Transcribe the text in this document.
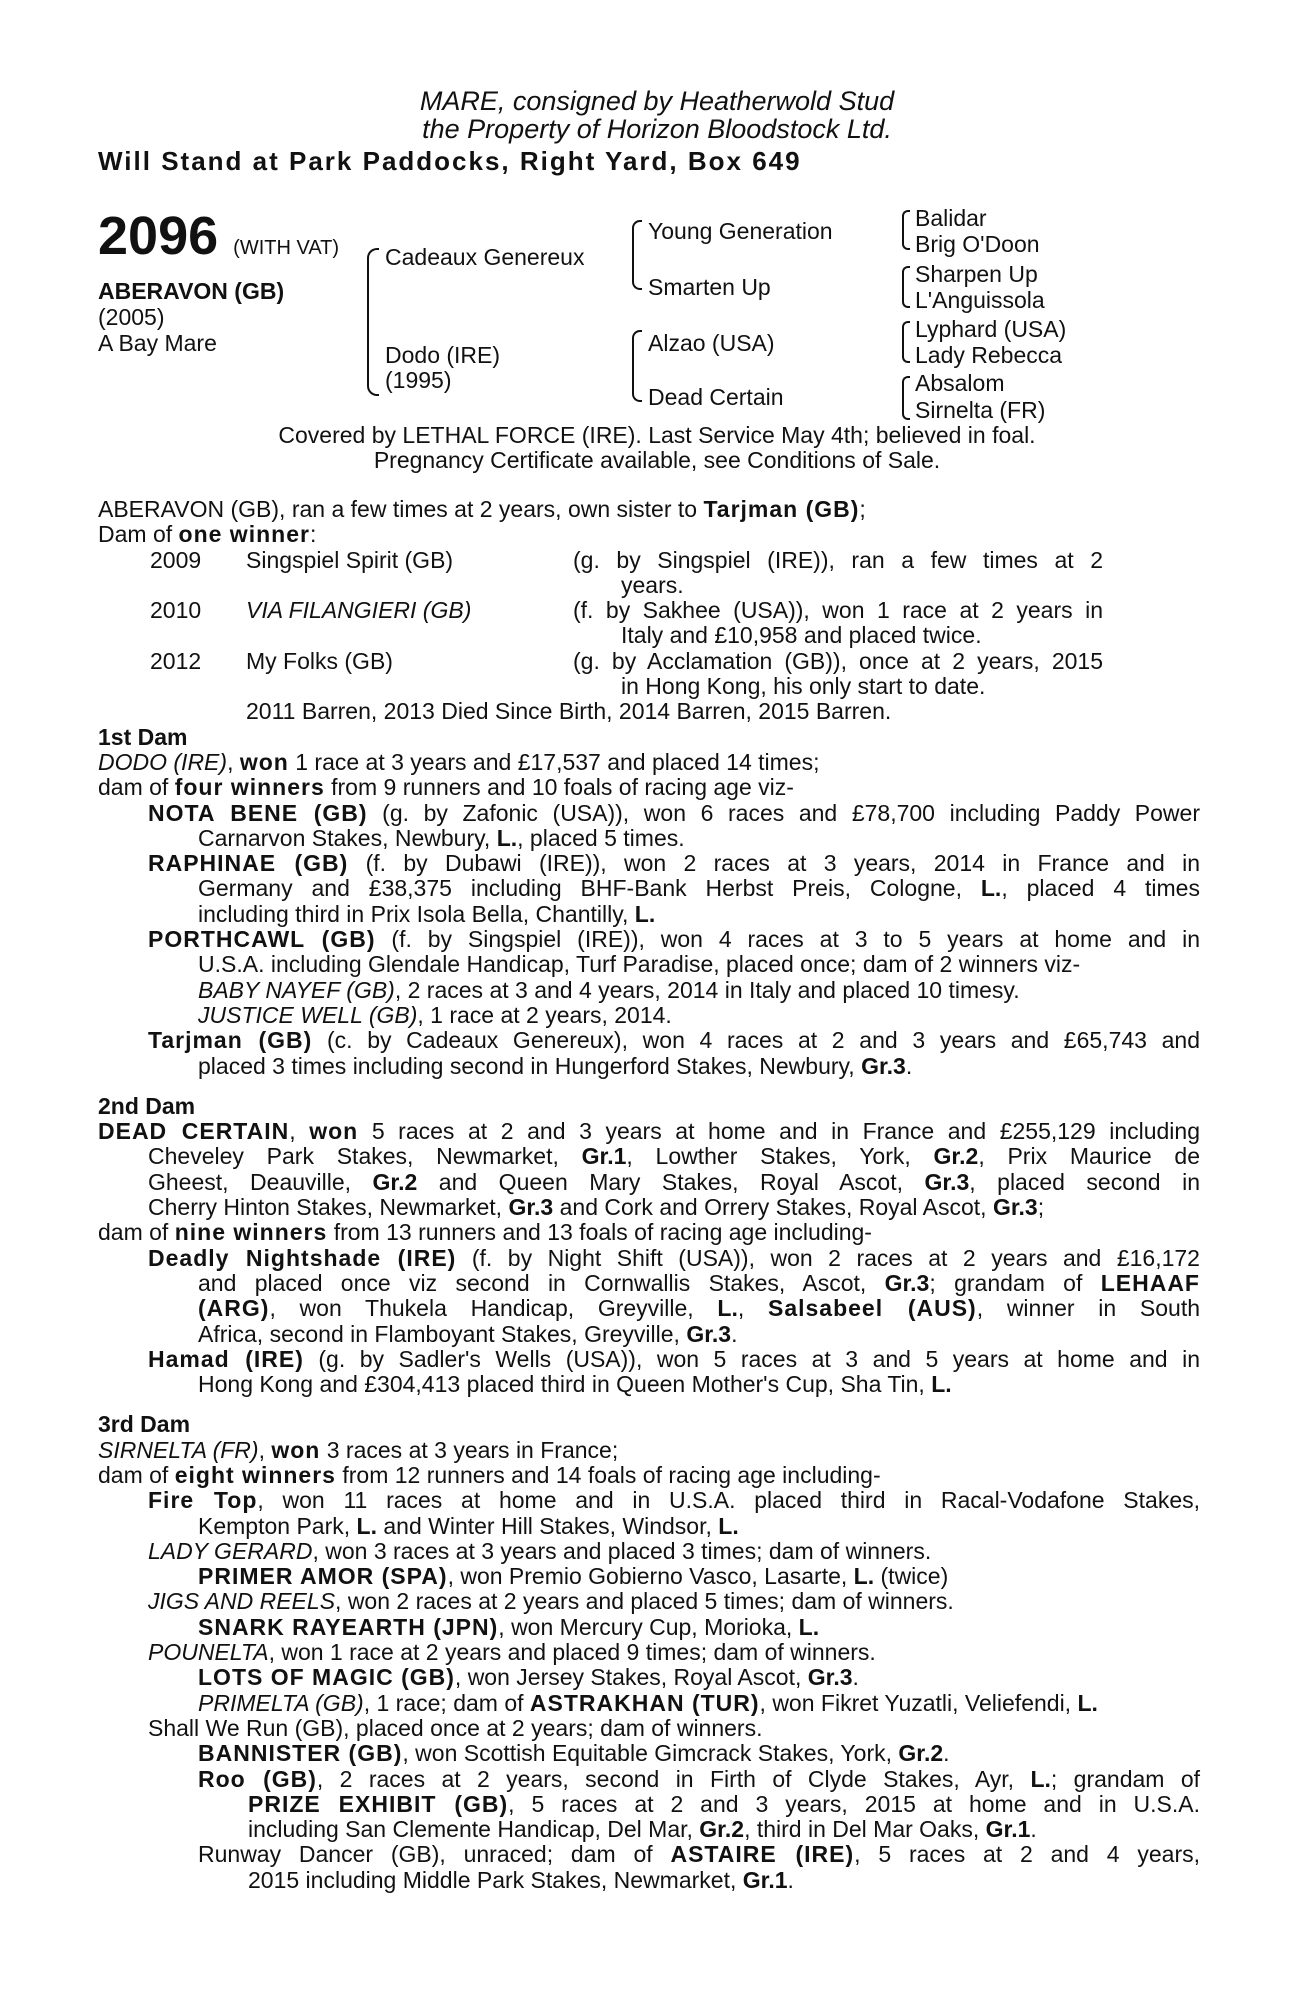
MARE, consigned by Heatherwold Stud
the Property of Horizon Bloodstock Ltd.
Will Stand at Park Paddocks, Right Yard, Box 649
2096 (WITH VAT)
ABERAVON (GB)
(2005)
A Bay Mare
Cadeaux Genereux
Dodo (IRE)
(1995)
Young Generation
Smarten Up
Alzao (USA)
Dead Certain
Balidar
Brig O'Doon
Sharpen Up
L'Anguissola
Lyphard (USA)
Lady Rebecca
Absalom
Sirnelta (FR)
Covered by LETHAL FORCE (IRE). Last Service May 4th; believed in foal.
Pregnancy Certificate available, see Conditions of Sale.
ABERAVON (GB), ran a few times at 2 years, own sister to Tarjman (GB);
Dam of one winner:
2009 Singspiel Spirit (GB)	(g. by Singspiel (IRE)), ran a few times at 2
years.
2010 VIA FILANGIERI (GB)	(f. by Sakhee (USA)), won 1 race at 2 years in
Italy and £10,958 and placed twice.
2012 My Folks (GB)	(g. by Acclamation (GB)), once at 2 years, 2015
in Hong Kong, his only start to date.
2011 Barren, 2013 Died Since Birth, 2014 Barren, 2015 Barren.
1st Dam
DODO (IRE), won 1 race at 3 years and £17,537 and placed 14 times;
dam of four winners from 9 runners and 10 foals of racing age viz-
NOTA BENE (GB) (g. by Zafonic (USA)), won 6 races and £78,700 including Paddy Power
Carnarvon Stakes, Newbury, L., placed 5 times.
RAPHINAE (GB) (f. by Dubawi (IRE)), won 2 races at 3 years, 2014 in France and in
Germany and £38,375 including BHF-Bank Herbst Preis, Cologne, L., placed 4 times
including third in Prix Isola Bella, Chantilly, L.
PORTHCAWL (GB) (f. by Singspiel (IRE)), won 4 races at 3 to 5 years at home and in
U.S.A. including Glendale Handicap, Turf Paradise, placed once; dam of 2 winners viz-
BABY NAYEF (GB), 2 races at 3 and 4 years, 2014 in Italy and placed 10 timesy.
JUSTICE WELL (GB), 1 race at 2 years, 2014.
Tarjman (GB) (c. by Cadeaux Genereux), won 4 races at 2 and 3 years and £65,743 and
placed 3 times including second in Hungerford Stakes, Newbury, Gr.3.
2nd Dam
DEAD CERTAIN, won 5 races at 2 and 3 years at home and in France and £255,129 including
Cheveley Park Stakes, Newmarket, Gr.1, Lowther Stakes, York, Gr.2, Prix Maurice de
Gheest, Deauville, Gr.2 and Queen Mary Stakes, Royal Ascot, Gr.3, placed second in
Cherry Hinton Stakes, Newmarket, Gr.3 and Cork and Orrery Stakes, Royal Ascot, Gr.3;
dam of nine winners from 13 runners and 13 foals of racing age including-
Deadly Nightshade (IRE) (f. by Night Shift (USA)), won 2 races at 2 years and £16,172
and placed once viz second in Cornwallis Stakes, Ascot, Gr.3; grandam of LEHAAF
(ARG), won Thukela Handicap, Greyville, L., Salsabeel (AUS), winner in South
Africa, second in Flamboyant Stakes, Greyville, Gr.3.
Hamad (IRE) (g. by Sadler's Wells (USA)), won 5 races at 3 and 5 years at home and in
Hong Kong and £304,413 placed third in Queen Mother's Cup, Sha Tin, L.
3rd Dam
SIRNELTA (FR), won 3 races at 3 years in France;
dam of eight winners from 12 runners and 14 foals of racing age including-
Fire Top, won 11 races at home and in U.S.A. placed third in Racal-Vodafone Stakes,
Kempton Park, L. and Winter Hill Stakes, Windsor, L.
LADY GERARD, won 3 races at 3 years and placed 3 times; dam of winners.
PRIMER AMOR (SPA), won Premio Gobierno Vasco, Lasarte, L. (twice)
JIGS AND REELS, won 2 races at 2 years and placed 5 times; dam of winners.
SNARK RAYEARTH (JPN), won Mercury Cup, Morioka, L.
POUNELTA, won 1 race at 2 years and placed 9 times; dam of winners.
LOTS OF MAGIC (GB), won Jersey Stakes, Royal Ascot, Gr.3.
PRIMELTA (GB), 1 race; dam of ASTRAKHAN (TUR), won Fikret Yuzatli, Veliefendi, L.
Shall We Run (GB), placed once at 2 years; dam of winners.
BANNISTER (GB), won Scottish Equitable Gimcrack Stakes, York, Gr.2.
Roo (GB), 2 races at 2 years, second in Firth of Clyde Stakes, Ayr, L.; grandam of
PRIZE EXHIBIT (GB), 5 races at 2 and 3 years, 2015 at home and in U.S.A.
including San Clemente Handicap, Del Mar, Gr.2, third in Del Mar Oaks, Gr.1.
Runway Dancer (GB), unraced; dam of ASTAIRE (IRE), 5 races at 2 and 4 years,
2015 including Middle Park Stakes, Newmarket, Gr.1.
